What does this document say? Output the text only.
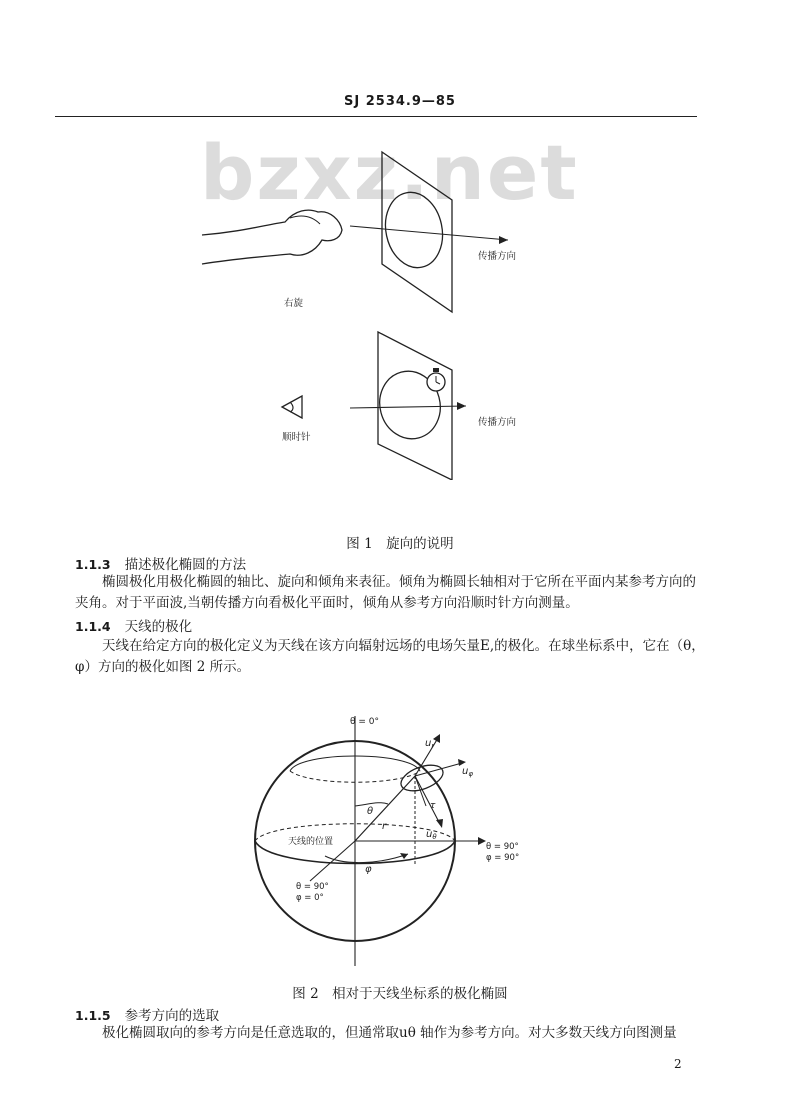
SJ 2534.9—85
bzxz.net
右旋
传播方向
顺时针
传播方向
图 1　旋向的说明
1.1.3 描述极化椭圆的方法
椭圆极化用极化椭圆的轴比、旋向和倾角来表征。倾角为椭圆长轴相对于它所在平面内某参考方向的夹角。对于平面波,当朝传播方向看极化平面时，倾角从参考方向沿顺时针方向测量。
1.1.4 天线的极化
天线在给定方向的极化定义为天线在该方向辐射远场的电场矢量E,的极化。在球坐标系中，它在（θ，φ）方向的极化如图 2 所示。
θ = 0°
$u_r$
$u_\varphi$
$u_\theta$
τ
θ
r
φ
天线的位置	θ = 90°
φ = 90°
θ = 90°
φ = 0°
图 2　相对于天线坐标系的极化椭圆
1.1.5 参考方向的选取
极化椭圆取向的参考方向是任意选取的，但通常取uθ 轴作为参考方向。对大多数天线方向图测量
2
